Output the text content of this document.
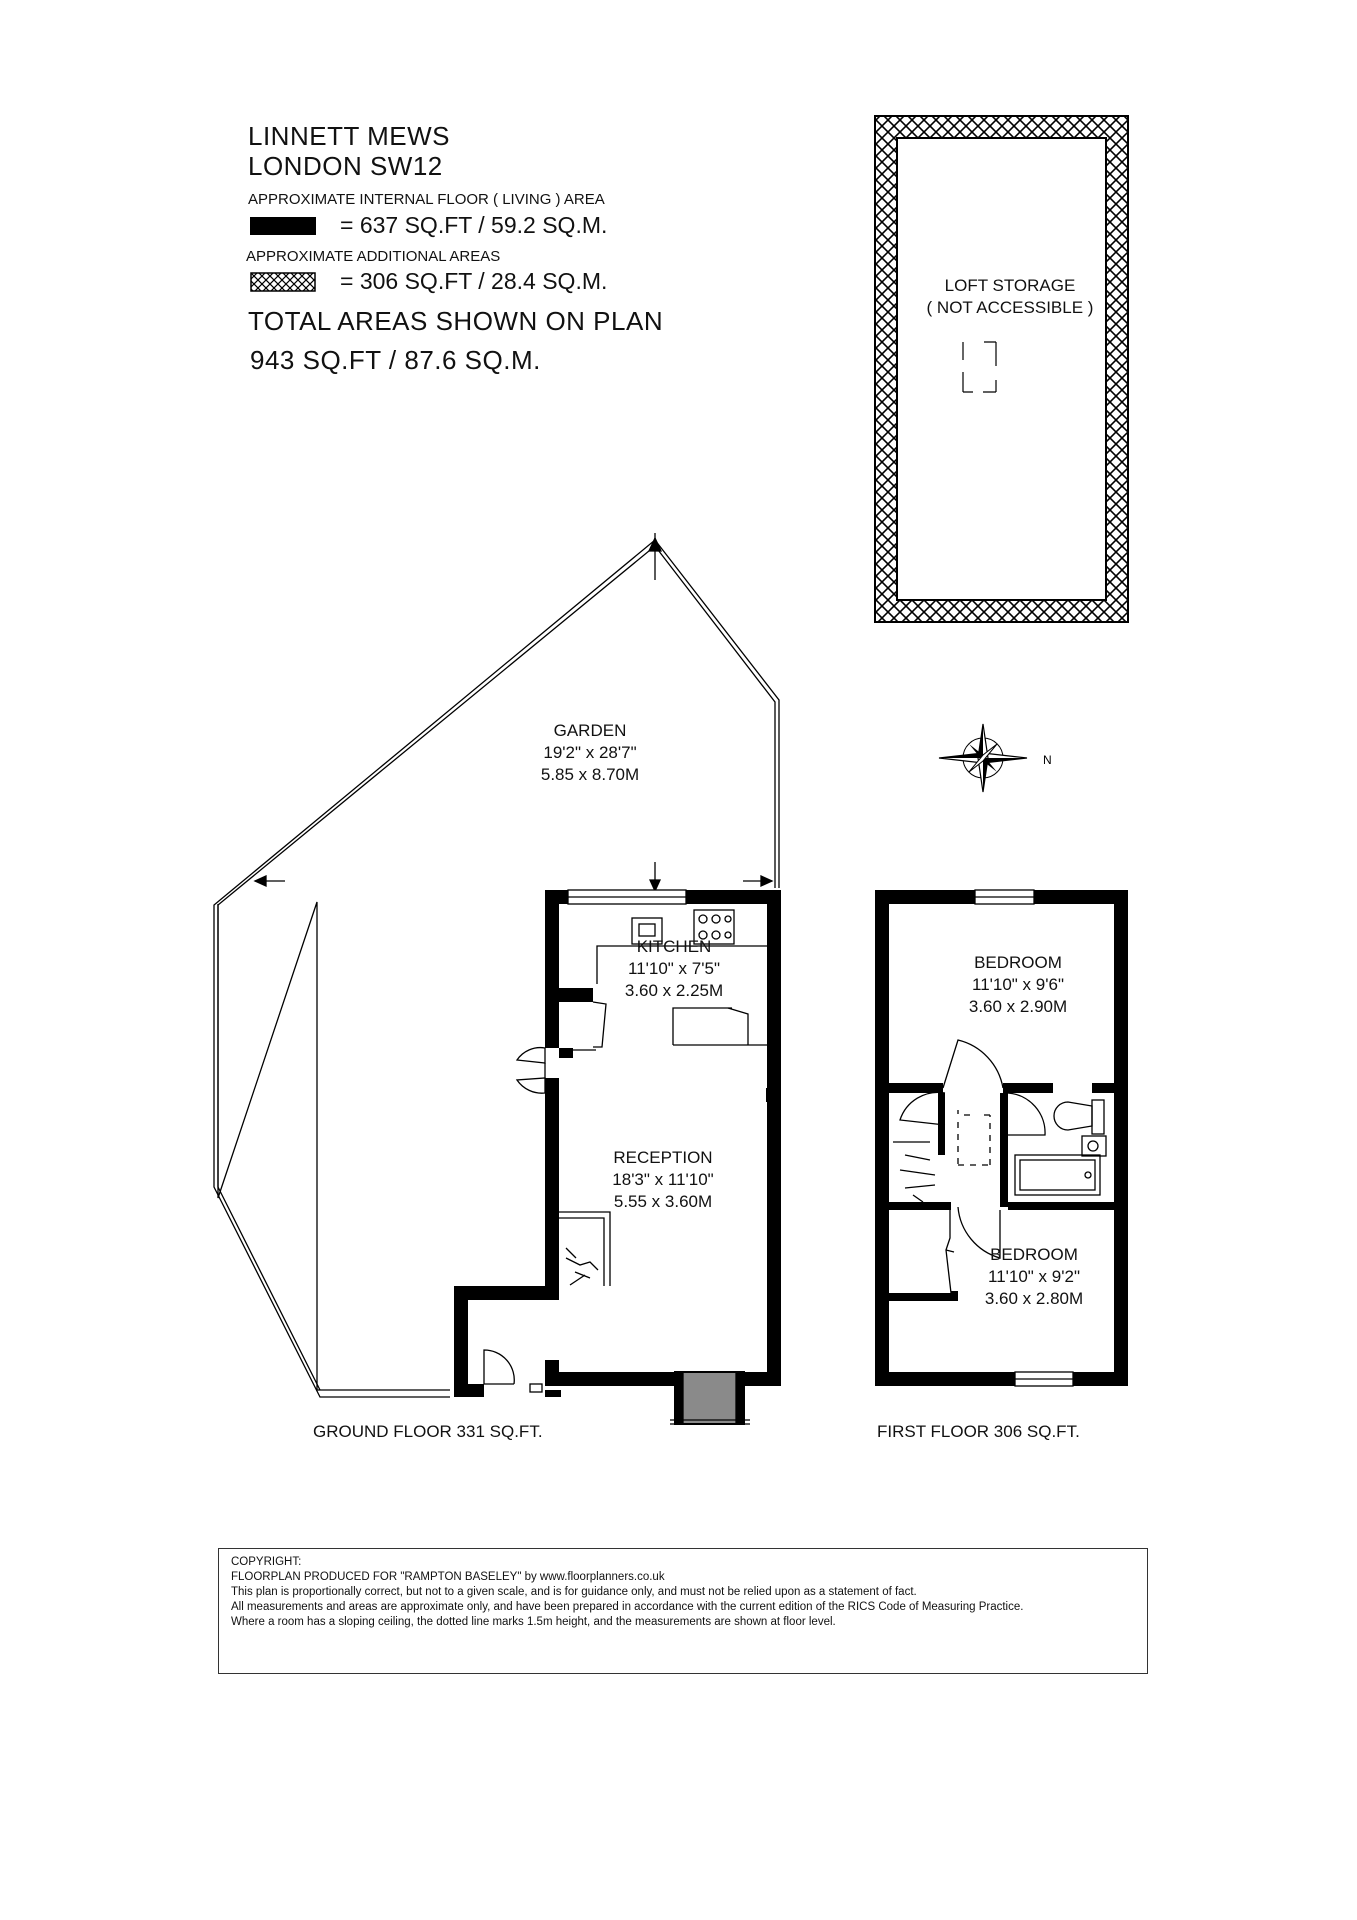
LINNETT MEWS
LONDON SW12
APPROXIMATE INTERNAL FLOOR ( LIVING ) AREA
= 637 SQ.FT / 59.2 SQ.M.
APPROXIMATE ADDITIONAL AREAS
= 306 SQ.FT / 28.4 SQ.M.
TOTAL AREAS SHOWN ON PLAN
943 SQ.FT / 87.6 SQ.M.
LOFT STORAGE
( NOT ACCESSIBLE )
GARDEN
19'2" x 28'7"
5.85 x 8.70M
KITCHEN
11'10" x 7'5"
3.60 x 2.25M
RECEPTION
18'3" x 11'10"
5.55 x 3.60M
BEDROOM
11'10" x 9'6"
3.60 x 2.90M
BEDROOM
11'10" x 9'2"
3.60 x 2.80M
N
GROUND FLOOR 331 SQ.FT.	FIRST FLOOR 306 SQ.FT.
COPYRIGHT:
FLOORPLAN PRODUCED FOR "RAMPTON BASELEY" by www.floorplanners.co.uk
This plan is proportionally correct, but not to a given scale, and is for guidance only, and must not be relied upon as a statement of fact.
All measurements and areas are approximate only, and have been prepared in accordance with the current edition of the RICS Code of Measuring Practice.
Where a room has a sloping ceiling, the dotted line marks 1.5m height, and the measurements are shown at floor level.
